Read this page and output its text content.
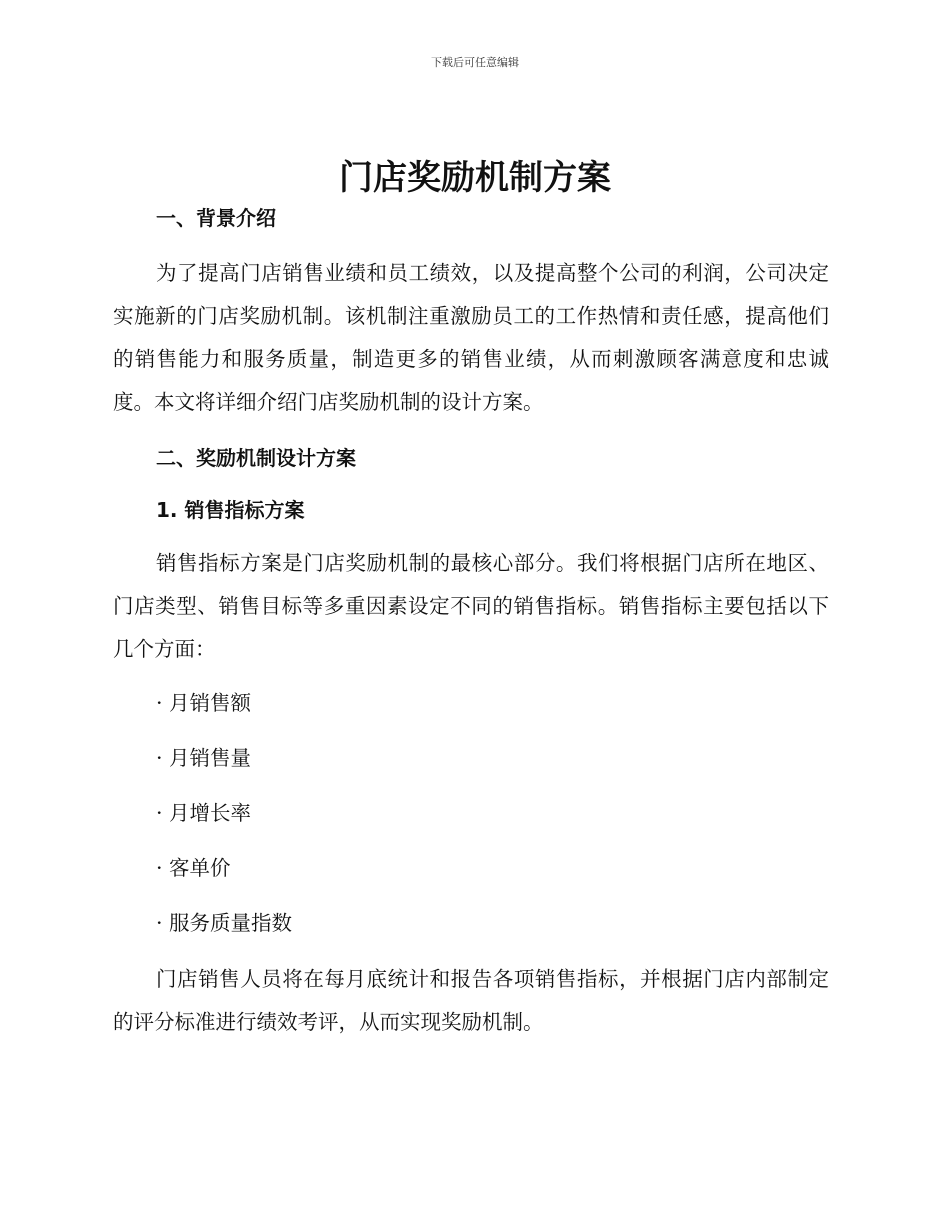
下载后可任意编辑
门店奖励机制方案
一、背景介绍

为了提高门店销售业绩和员工绩效，以及提高整个公司的利润，公司决定实施新的门店奖励机制。该机制注重激励员工的工作热情和责任感，提高他们的销售能力和服务质量，制造更多的销售业绩，从而刺激顾客满意度和忠诚度。本文将详细介绍门店奖励机制的设计方案。

二、奖励机制设计方案
1. 销售指标方案

销售指标方案是门店奖励机制的最核心部分。我们将根据门店所在地区、门店类型、销售目标等多重因素设定不同的销售指标。销售指标主要包括以下几个方面：

· 月销售额
· 月销售量
· 月增长率
· 客单价
· 服务质量指数

门店销售人员将在每月底统计和报告各项销售指标，并根据门店内部制定的评分标准进行绩效考评，从而实现奖励机制。
